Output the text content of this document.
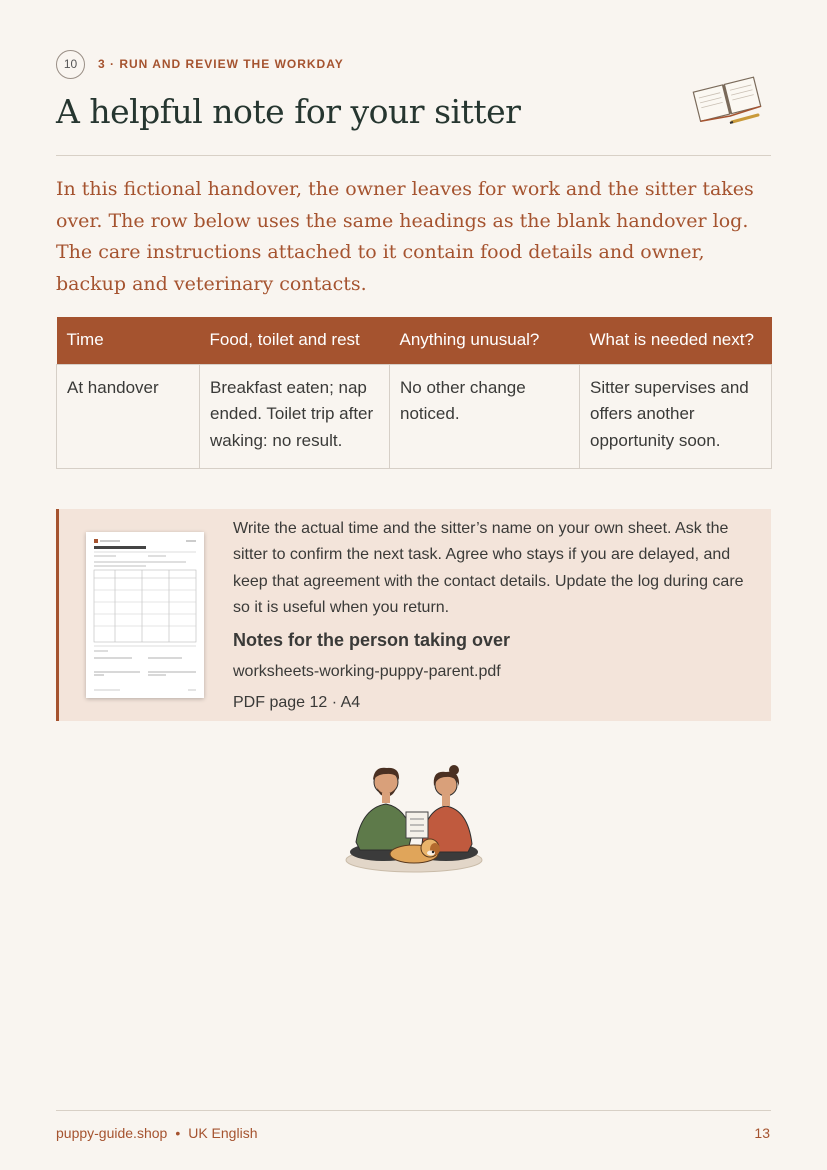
10	3 · RUN AND REVIEW THE WORKDAY
A helpful note for your sitter

In this fictional handover, the owner leaves for work and the sitter takes over. The row below uses the same headings as the blank handover log. The care instructions attached to it contain food details and owner, backup and veterinary contacts.

Time	Food, toilet and rest	Anything unusual?	What is needed next?
At handover	Breakfast eaten; nap ended. Toilet trip after waking: no result.	No other change noticed.	Sitter supervises and offers another opportunity soon.

Write the actual time and the sitter’s name on your own sheet. Ask the sitter to confirm the next task. Agree who stays if you are delayed, and keep that agreement with the contact details. Update the log during care so it is useful when you return.

Notes for the person taking over

worksheets-working-puppy-parent.pdf

PDF page 12 · A4

puppy-guide.shop • UK English	13
